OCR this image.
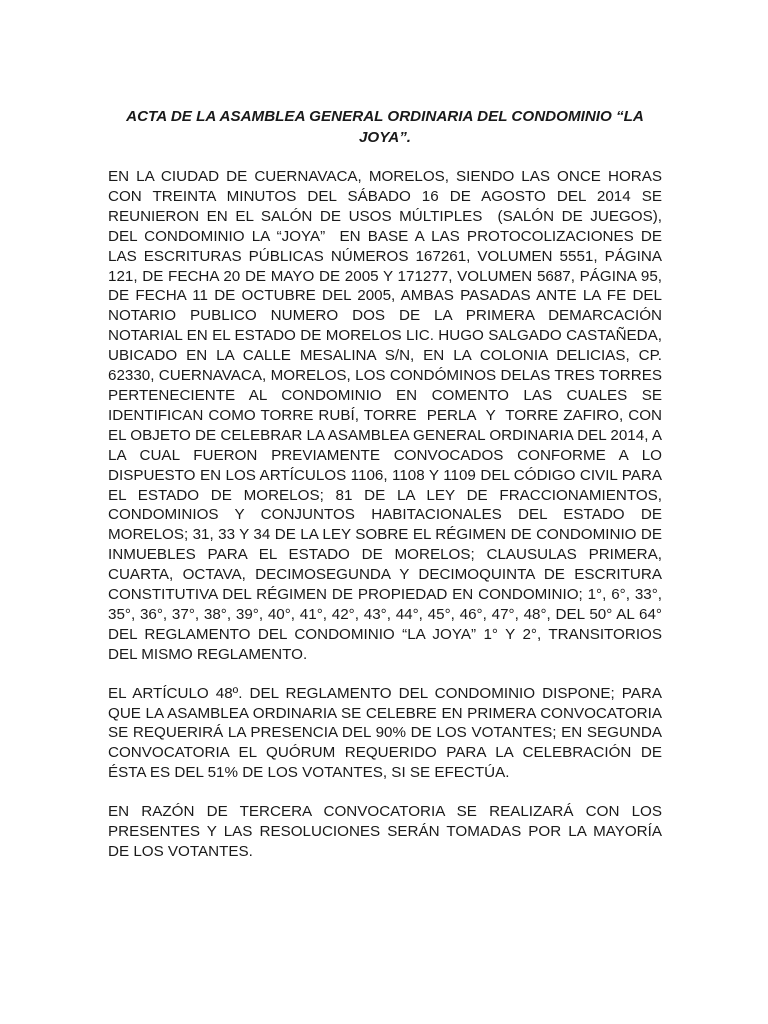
ACTA DE LA ASAMBLEA GENERAL ORDINARIA DEL CONDOMINIO “LA JOYA”.

EN LA CIUDAD DE CUERNAVACA, MORELOS, SIENDO LAS ONCE HORAS CON TREINTA MINUTOS DEL SÁBADO 16 DE AGOSTO DEL 2014 SE REUNIERON EN EL SALÓN DE USOS MÚLTIPLES  (SALÓN DE JUEGOS),   DEL CONDOMINIO LA “JOYA”  EN BASE A LAS PROTOCOLIZACIONES DE LAS ESCRITURAS PÚBLICAS NÚMEROS 167261, VOLUMEN 5551, PÁGINA 121, DE FECHA 20 DE MAYO DE 2005 Y 171277, VOLUMEN 5687, PÁGINA 95, DE FECHA 11 DE OCTUBRE DEL 2005, AMBAS PASADAS ANTE LA FE DEL NOTARIO PUBLICO NUMERO DOS DE LA PRIMERA DEMARCACIÓN NOTARIAL EN EL ESTADO DE MORELOS LIC. HUGO SALGADO CASTAÑEDA, UBICADO EN LA CALLE MESALINA S/N, EN LA COLONIA DELICIAS, CP. 62330, CUERNAVACA, MORELOS, LOS CONDÓMINOS DELAS TRES TORRES PERTENECIENTE AL CONDOMINIO EN COMENTO LAS CUALES SE IDENTIFICAN COMO TORRE RUBÍ, TORRE  PERLA  Y  TORRE ZAFIRO, CON EL OBJETO DE CELEBRAR LA ASAMBLEA GENERAL ORDINARIA DEL 2014, A LA CUAL FUERON PREVIAMENTE CONVOCADOS CONFORME A LO DISPUESTO EN LOS ARTÍCULOS 1106, 1108 Y 1109 DEL CÓDIGO CIVIL PARA EL ESTADO DE MORELOS; 81 DE LA LEY DE FRACCIONAMIENTOS, CONDOMINIOS Y CONJUNTOS HABITACIONALES DEL ESTADO DE MORELOS; 31, 33 Y 34 DE LA LEY SOBRE EL RÉGIMEN DE CONDOMINIO DE INMUEBLES PARA EL ESTADO DE MORELOS; CLAUSULAS PRIMERA, CUARTA, OCTAVA, DECIMOSEGUNDA Y DECIMOQUINTA DE ESCRITURA CONSTITUTIVA DEL RÉGIMEN DE PROPIEDAD EN CONDOMINIO; 1°, 6°, 33°, 35°, 36°, 37°, 38°, 39°, 40°, 41°, 42°, 43°, 44°, 45°, 46°, 47°, 48°, DEL 50° AL 64° DEL REGLAMENTO DEL CONDOMINIO “LA JOYA” 1° Y 2°, TRANSITORIOS DEL MISMO REGLAMENTO.

EL ARTÍCULO 48º. DEL REGLAMENTO DEL CONDOMINIO DISPONE; PARA QUE LA ASAMBLEA ORDINARIA SE CELEBRE EN PRIMERA CONVOCATORIA SE REQUERIRÁ LA PRESENCIA DEL 90% DE LOS VOTANTES; EN SEGUNDA CONVOCATORIA EL QUÓRUM REQUERIDO PARA LA CELEBRACIÓN DE ÉSTA ES DEL 51% DE LOS VOTANTES, SI SE EFECTÚA.

EN RAZÓN DE TERCERA CONVOCATORIA SE REALIZARÁ CON LOS PRESENTES Y LAS RESOLUCIONES SERÁN TOMADAS POR LA MAYORÍA DE LOS VOTANTES.
